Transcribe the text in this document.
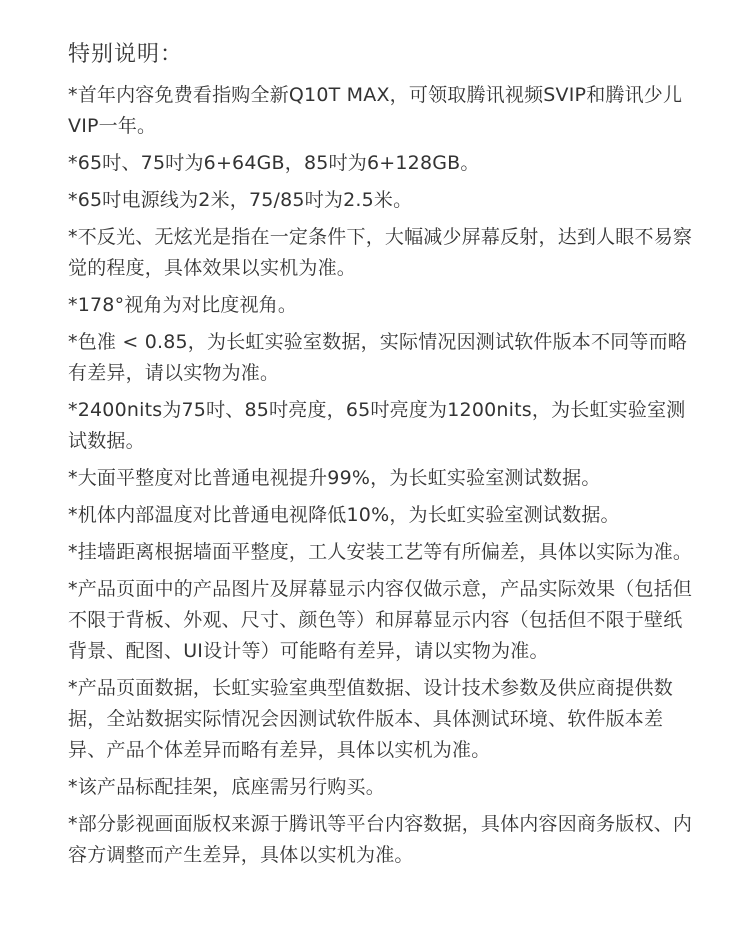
特别说明：
*首年内容免费看指购全新Q10T MAX，可领取腾讯视频SVIP和腾讯少儿VIP一年。
*65吋、75吋为6+64GB，85吋为6+128GB。
*65吋电源线为2米，75/85吋为2.5米。
*不反光、无炫光是指在一定条件下，大幅减少屏幕反射，达到人眼不易察觉的程度，具体效果以实机为准。
*178°视角为对比度视角。
*色准 < 0.85，为长虹实验室数据，实际情况因测试软件版本不同等而略有差异，请以实物为准。
*2400nits为75吋、85吋亮度，65吋亮度为1200nits，为长虹实验室测试数据。
*大面平整度对比普通电视提升99%，为长虹实验室测试数据。
*机体内部温度对比普通电视降低10%，为长虹实验室测试数据。
*挂墙距离根据墙面平整度，工人安装工艺等有所偏差，具体以实际为准。
*产品页面中的产品图片及屏幕显示内容仅做示意，产品实际效果（包括但不限于背板、外观、尺寸、颜色等）和屏幕显示内容（包括但不限于壁纸背景、配图、UI设计等）可能略有差异，请以实物为准。
*产品页面数据，长虹实验室典型值数据、设计技术参数及供应商提供数据，全站数据实际情况会因测试软件版本、具体测试环境、软件版本差异、产品个体差异而略有差异，具体以实机为准。
*该产品标配挂架，底座需另行购买。
*部分影视画面版权来源于腾讯等平台内容数据，具体内容因商务版权、内容方调整而产生差异，具体以实机为准。
